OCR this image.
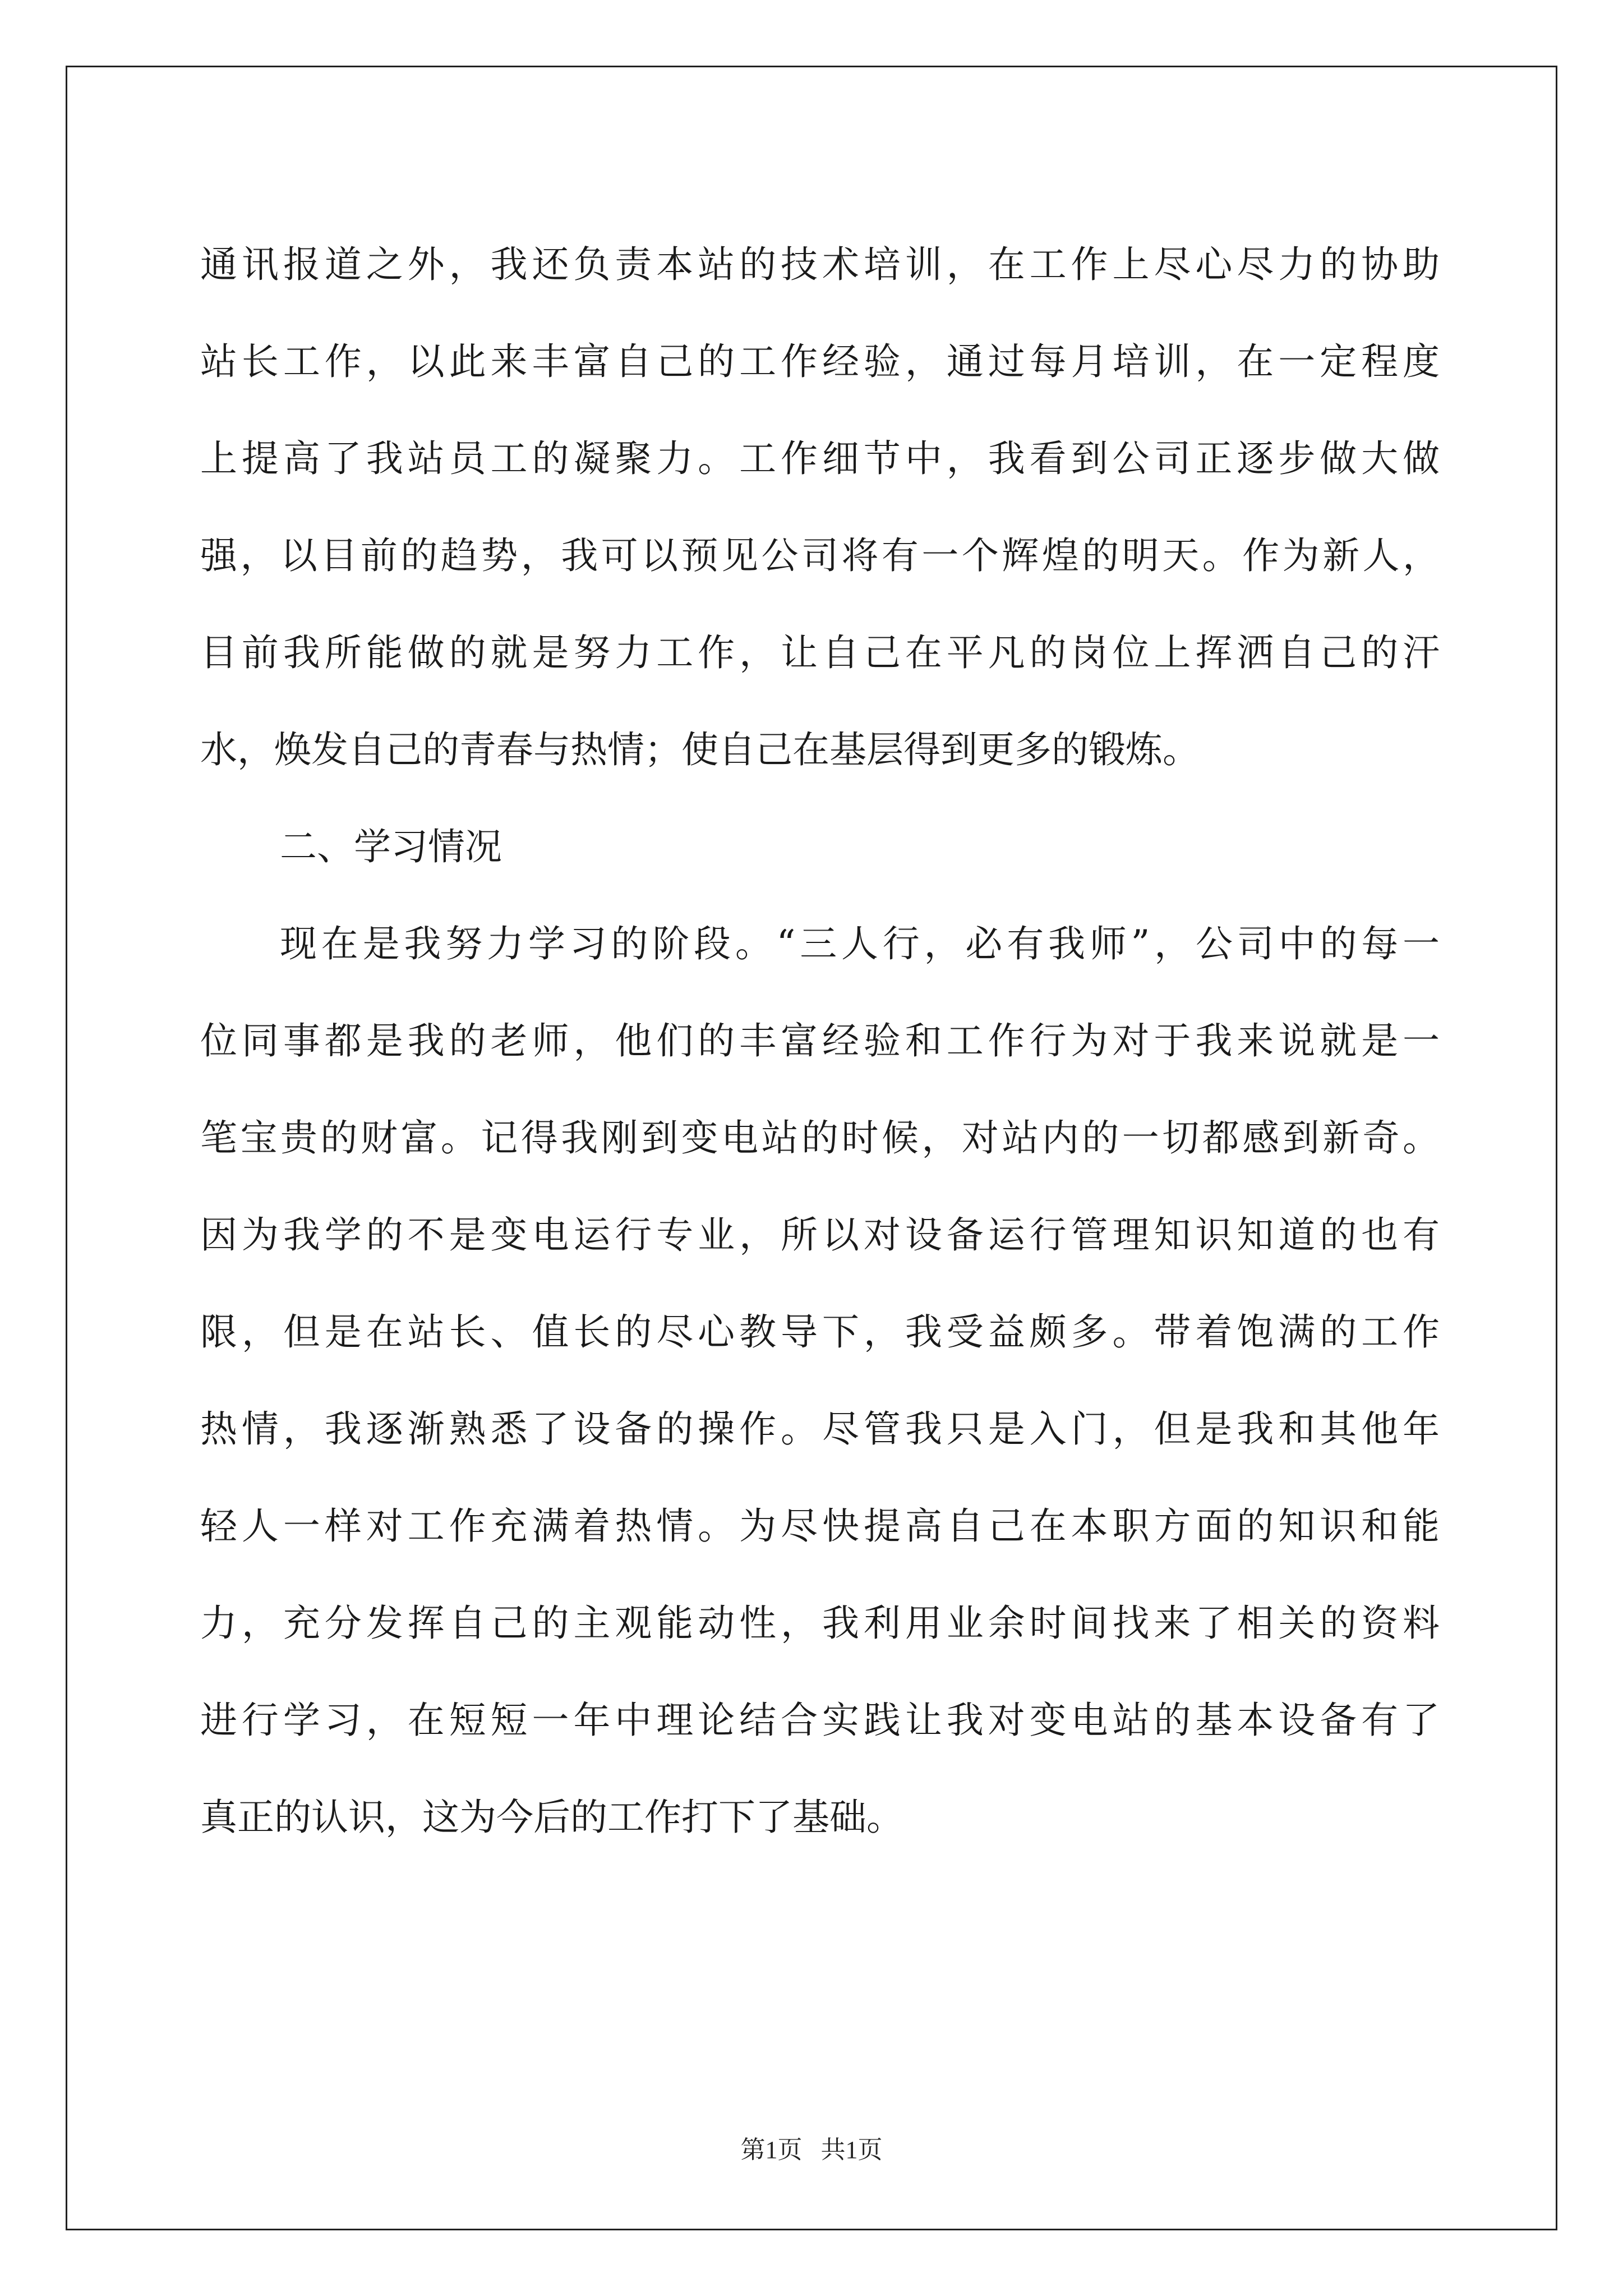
通讯报道之外，我还负责本站的技术培训，在工作上尽心尽力的协助
站长工作，以此来丰富自己的工作经验，通过每月培训，在一定程度
上提高了我站员工的凝聚力。工作细节中，我看到公司正逐步做大做
强，以目前的趋势，我可以预见公司将有一个辉煌的明天。作为新人，
目前我所能做的就是努力工作，让自己在平凡的岗位上挥洒自己的汗
水，焕发自己的青春与热情；使自己在基层得到更多的锻炼。
二、学习情况
现在是我努力学习的阶段。“三人行，必有我师”，公司中的每一
位同事都是我的老师，他们的丰富经验和工作行为对于我来说就是一
笔宝贵的财富。记得我刚到变电站的时候，对站内的一切都感到新奇。
因为我学的不是变电运行专业，所以对设备运行管理知识知道的也有
限，但是在站长、值长的尽心教导下，我受益颇多。带着饱满的工作
热情，我逐渐熟悉了设备的操作。尽管我只是入门，但是我和其他年
轻人一样对工作充满着热情。为尽快提高自己在本职方面的知识和能
力，充分发挥自己的主观能动性，我利用业余时间找来了相关的资料
进行学习，在短短一年中理论结合实践让我对变电站的基本设备有了
真正的认识，这为今后的工作打下了基础。
第1页   共1页
